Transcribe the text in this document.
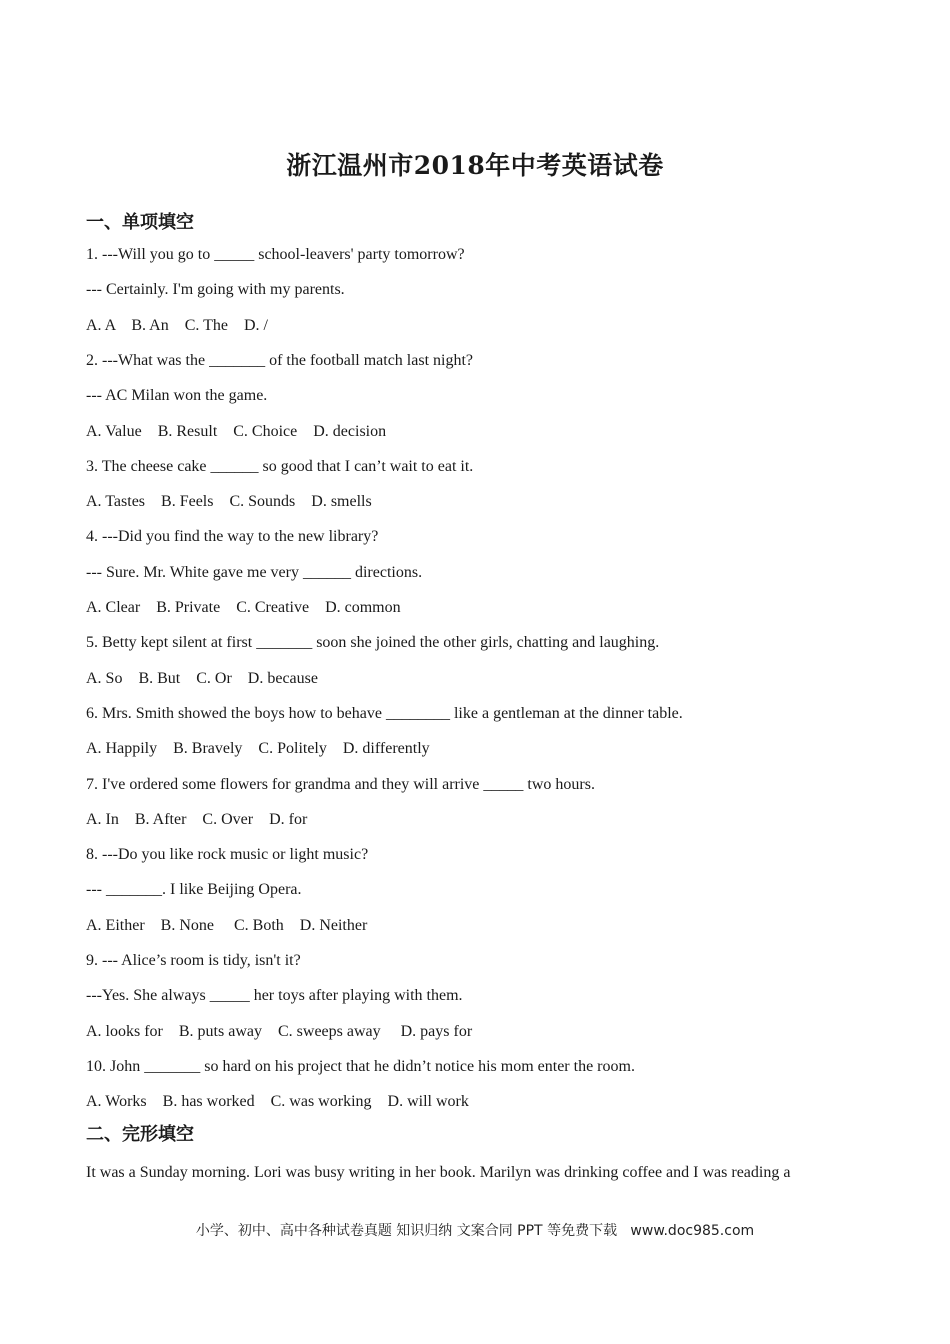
浙江温州市2018年中考英语试卷
一、单项填空
1. ---Will you go to _____ school-leavers' party tomorrow?
--- Certainly. I'm going with my parents.
A. A    B. An    C. The    D. /
2. ---What was the _______ of the football match last night?
--- AC Milan won the game.
A. Value    B. Result    C. Choice    D. decision
3. The cheese cake ______ so good that I can’t wait to eat it.
A. Tastes    B. Feels    C. Sounds    D. smells
4. ---Did you find the way to the new library?
--- Sure. Mr. White gave me very ______ directions.
A. Clear    B. Private    C. Creative    D. common
5. Betty kept silent at first _______ soon she joined the other girls, chatting and laughing.
A. So    B. But    C. Or    D. because
6. Mrs. Smith showed the boys how to behave ________ like a gentleman at the dinner table.
A. Happily    B. Bravely    C. Politely    D. differently
7. I've ordered some flowers for grandma and they will arrive _____ two hours.
A. In    B. After    C. Over    D. for
8. ---Do you like rock music or light music?
--- _______. I like Beijing Opera.
A. Either    B. None     C. Both    D. Neither
9. --- Alice’s room is tidy, isn't it?
---Yes. She always _____ her toys after playing with them.
A. looks for    B. puts away    C. sweeps away     D. pays for
10. John _______ so hard on his project that he didn’t notice his mom enter the room.
A. Works    B. has worked    C. was working    D. will work
二、完形填空
It was a Sunday morning. Lori was busy writing in her book. Marilyn was drinking coffee and I was reading a
小学、初中、高中各种试卷真题 知识归纳 文案合同 PPT 等免费下载   www.doc985.com
